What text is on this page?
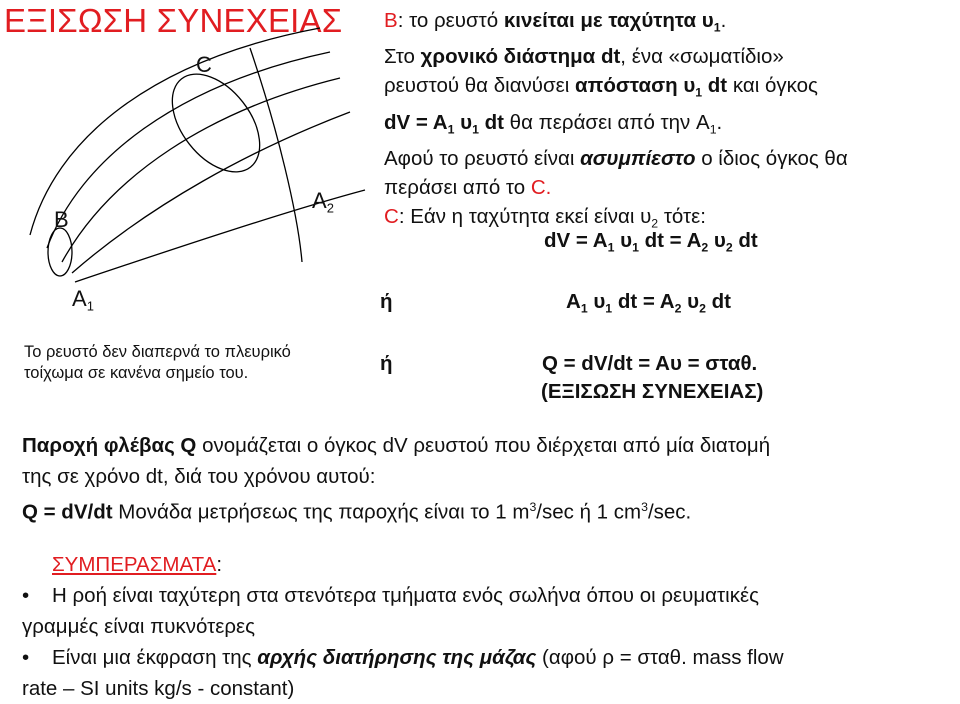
ΕΞΙΣΩΣΗ ΣΥΝΕΧΕΙΑΣ
C
B
$A_2$
$A_1$
Το ρευστό δεν διαπερνά το πλευρικό
τοίχωμα σε κανένα σημείο του.
Β: το ρευστό κινείται με ταχύτητα $\upsilon_1$.
Στο χρονικό διάστημα dt, ένα «σωματίδιο»
ρευστού θα διανύσει απόσταση $\upsilon_1$ dt και όγκος
dV = $A_1$ $\upsilon_1$ dt θα περάσει από την $A_1$.
Αφού το ρευστό είναι ασυμπίεστο ο ίδιος όγκος θα
περάσει από το C.
C: Εάν η ταχύτητα εκεί είναι $\upsilon_2$ τότε:
dV = $A_1$ $\upsilon_1$ dt = $A_2$ $\upsilon_2$ dt
ή	$A_1$ $\upsilon_1$ dt = $A_2$ $\upsilon_2$ dt
ή	Q = dV/dt = Aυ = σταθ.
(ΕΞΙΣΩΣΗ ΣΥΝΕΧΕΙΑΣ)
Παροχή φλέβας Q ονομάζεται ο όγκος dV ρευστού που διέρχεται από μία διατομή
της σε χρόνο dt, διά του χρόνου αυτού:
Q = dV/dt Μονάδα μετρήσεως της παροχής είναι το 1 $m^3/\sec$ ή 1 $cm^3/\sec$.
ΣΥΜΠΕΡΑΣΜΑΤΑ:
• Η ροή είναι ταχύτερη στα στενότερα τμήματα ενός σωλήνα όπου οι ρευματικές
γραμμές είναι πυκνότερες
• Είναι μια έκφραση της αρχής διατήρησης της μάζας (αφού ρ = σταθ. mass flow
rate – SI units kg/s - constant)
